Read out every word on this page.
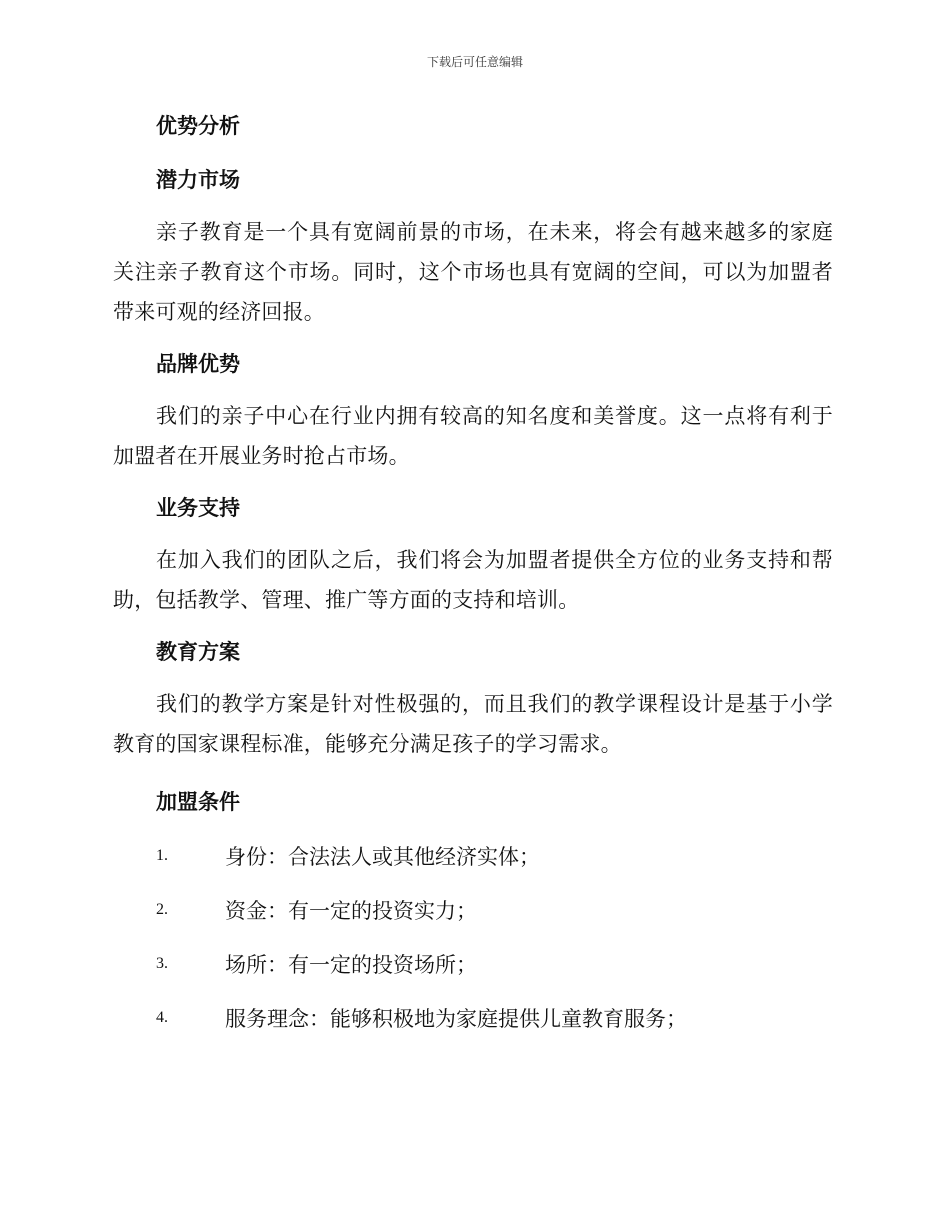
下载后可任意编辑
优势分析
潜力市场

亲子教育是一个具有宽阔前景的市场，在未来，将会有越来越多的家庭关注亲子教育这个市场。同时，这个市场也具有宽阔的空间，可以为加盟者带来可观的经济回报。

品牌优势

我们的亲子中心在行业内拥有较高的知名度和美誉度。这一点将有利于加盟者在开展业务时抢占市场。

业务支持

在加入我们的团队之后，我们将会为加盟者提供全方位的业务支持和帮助，包括教学、管理、推广等方面的支持和培训。

教育方案

我们的教学方案是针对性极强的，而且我们的教学课程设计是基于小学教育的国家课程标准，能够充分满足孩子的学习需求。

加盟条件
1.	身份：合法法人或其他经济实体；
2.	资金：有一定的投资实力；
3.	场所：有一定的投资场所；
4.	服务理念：能够积极地为家庭提供儿童教育服务；
